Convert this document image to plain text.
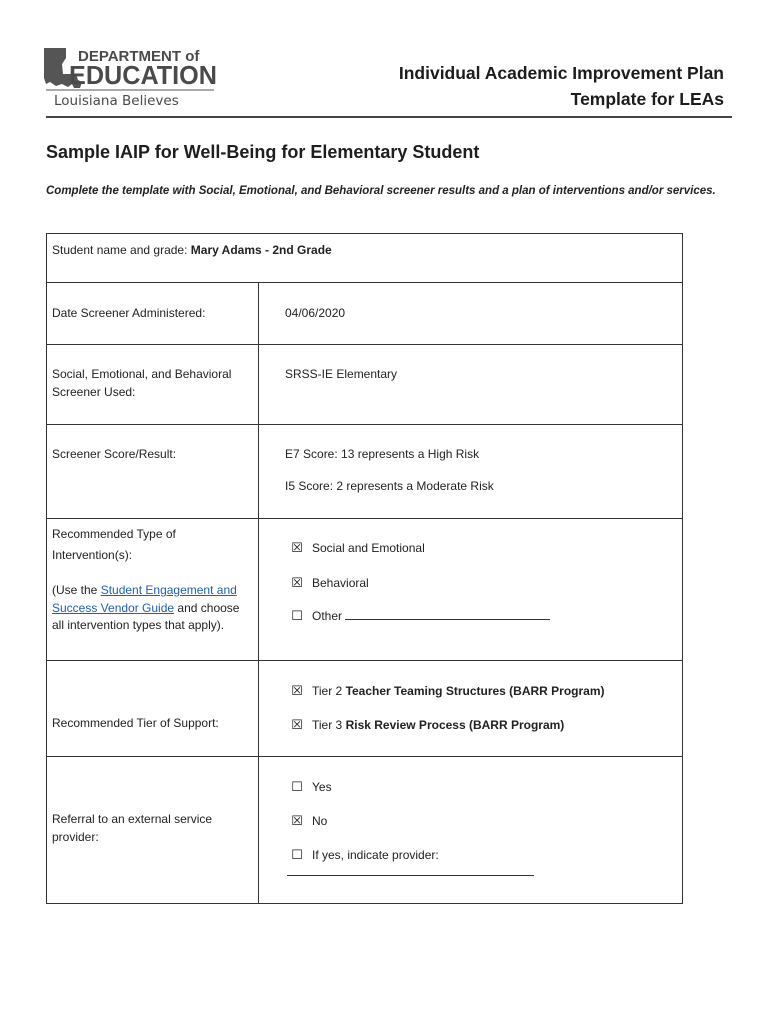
DEPARTMENT of
EDUCATION
Louisiana Believes
Individual Academic Improvement Plan
Template for LEAs
Sample IAIP for Well-Being for Elementary Student
Complete the template with Social, Emotional, and Behavioral screener results and a plan of interventions and/or services.
Student name and grade: Mary Adams - 2nd Grade
Date Screener Administered:	04/06/2020
Social, Emotional, and Behavioral
Screener Used:
SRSS-IE Elementary
Screener Score/Result:	E7 Score: 13 represents a High Risk
I5 Score: 2 represents a Moderate Risk
Recommended Type of
Intervention(s):
(Use the Student Engagement and
Success Vendor Guide and choose
all intervention types that apply).
☒ Social and Emotional
☒ Behavioral
☐ Other
Recommended Tier of Support:
☒ Tier 2 Teacher Teaming Structures (BARR Program)
☒ Tier 3 Risk Review Process (BARR Program)
Referral to an external service
provider:
☐ Yes
☒ No
☐ If yes, indicate provider:
